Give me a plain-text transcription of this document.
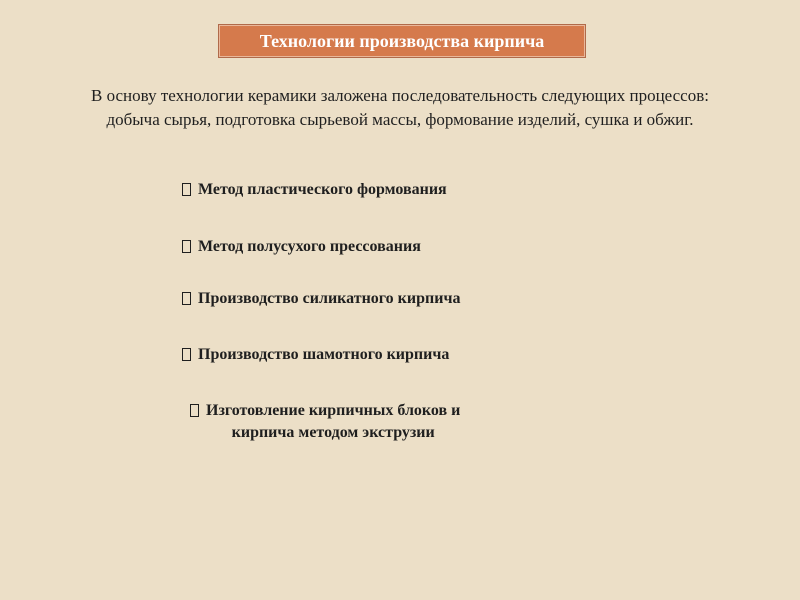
Технологии производства кирпича
В основу технологии керамики заложена последовательность следующих процессов:
добыча сырья, подготовка сырьевой массы, формование изделий, сушка и обжиг.
Метод пластического формования
Метод полусухого прессования
Производство силикатного кирпича
Производство шамотного кирпича
Изготовление кирпичных блоков и
кирпича методом экструзии
